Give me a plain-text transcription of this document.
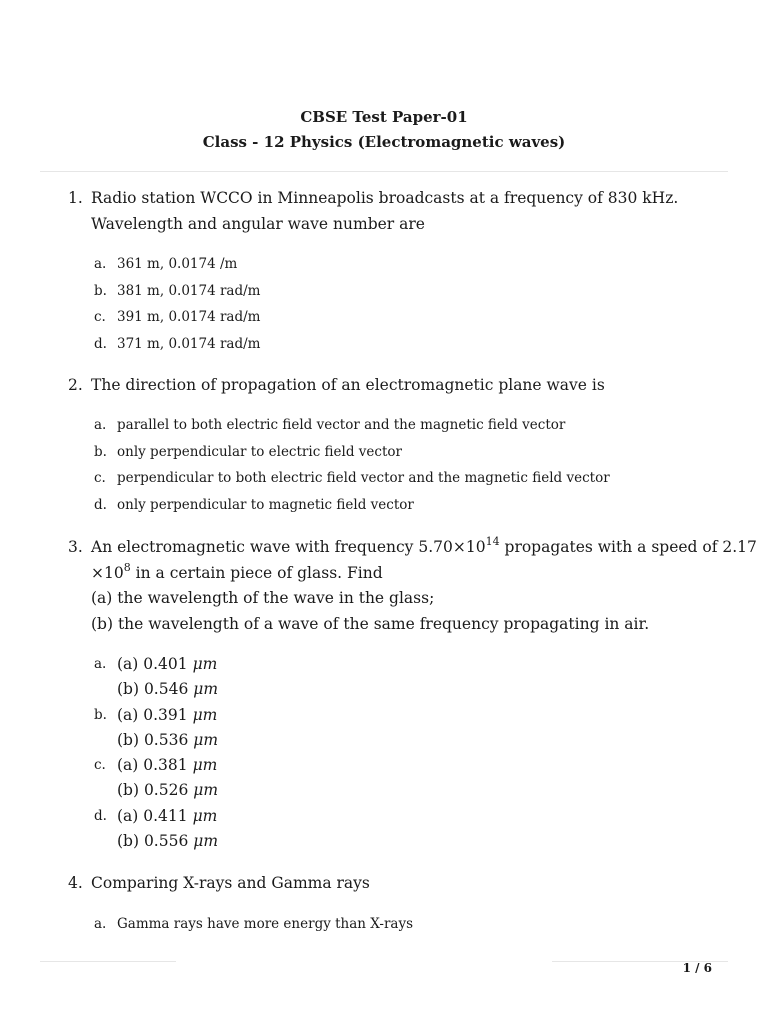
CBSE Test Paper-01
Class - 12 Physics (Electromagnetic waves)
1. Radio station WCCO in Minneapolis broadcasts at a frequency of 830 kHz. Wavelength and angular wave number are
a. 361 m, 0.0174 /m
b. 381 m, 0.0174 rad/m
c. 391 m, 0.0174 rad/m
d. 371 m, 0.0174 rad/m
2. The direction of propagation of an electromagnetic plane wave is
a. parallel to both electric field vector and the magnetic field vector
b. only perpendicular to electric field vector
c. perpendicular to both electric field vector and the magnetic field vector
d. only perpendicular to magnetic field vector
3. An electromagnetic wave with frequency $5.70\times 10^{14}$ propagates with a speed of 2.17
$\times 10^8$ in a certain piece of glass. Find
(a) the wavelength of the wave in the glass;
(b) the wavelength of a wave of the same frequency propagating in air.
a. (a) 0.401 μm
(b) 0.546 μm
b. (a) 0.391 μm
(b) 0.536 μm
c. (a) 0.381 μm
(b) 0.526 μm
d. (a) 0.411 μm
(b) 0.556 μm
4. Comparing X-rays and Gamma rays
a. Gamma rays have more energy than X-rays
1 / 6
